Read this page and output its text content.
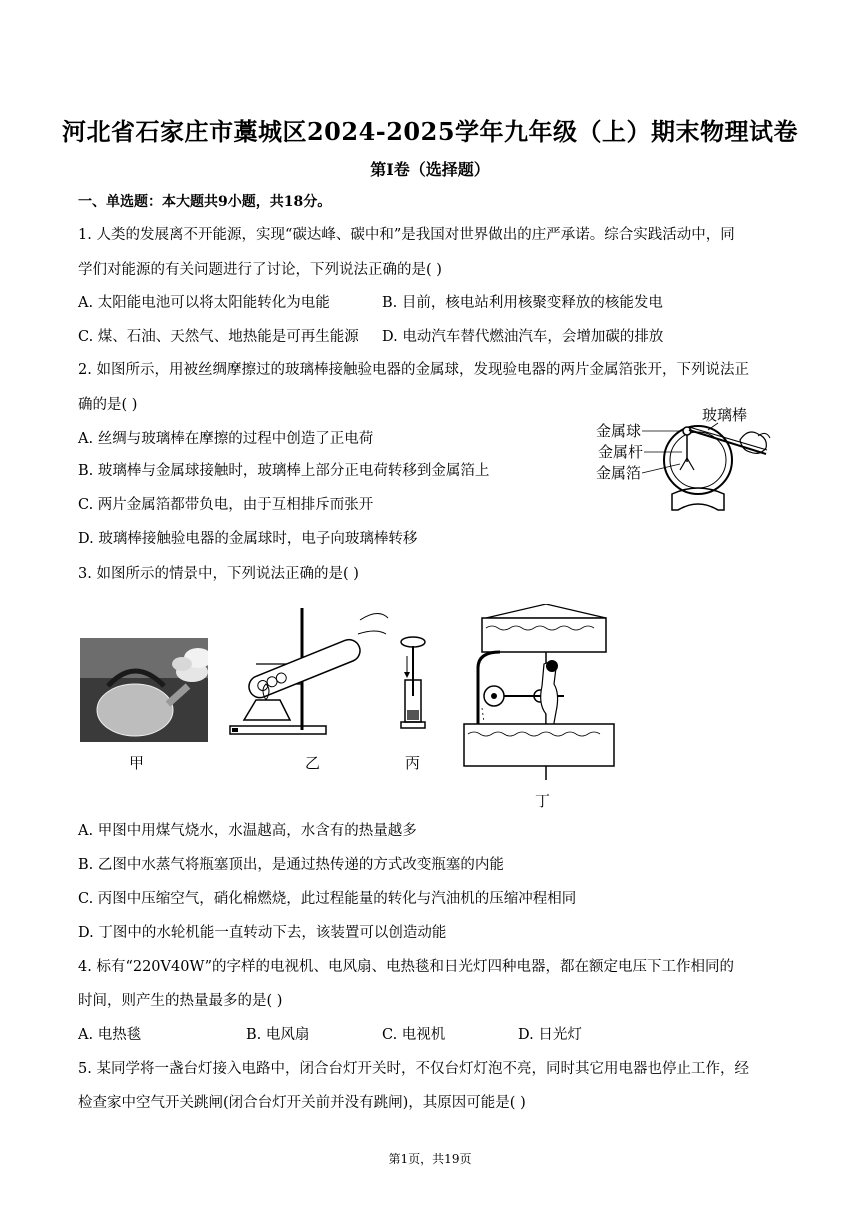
河北省石家庄市藁城区2024-2025学年九年级（上）期末物理试卷
第I卷（选择题）
一、单选题：本大题共9小题，共18分。
1. 人类的发展离不开能源，实现“碳达峰、碳中和”是我国对世界做出的庄严承诺。综合实践活动中，同
学们对能源的有关问题进行了讨论，下列说法正确的是( )
A. 太阳能电池可以将太阳能转化为电能	B. 目前，核电站利用核聚变释放的核能发电
C. 煤、石油、天然气、地热能是可再生能源 D. 电动汽车替代燃油汽车，会增加碳的排放
2. 如图所示，用被丝绸摩擦过的玻璃棒接触验电器的金属球，发现验电器的两片金属箔张开，下列说法正
确的是( )
A. 丝绸与玻璃棒在摩擦的过程中创造了正电荷
B. 玻璃棒与金属球接触时，玻璃棒上部分正电荷转移到金属箔上
C. 两片金属箔都带负电，由于互相排斥而张开
D. 玻璃棒接触验电器的金属球时，电子向玻璃棒转移
金属球
金属杆
金属箔
玻璃棒
3. 如图所示的情景中，下列说法正确的是( )
甲	乙	丙
丁
A. 甲图中用煤气烧水，水温越高，水含有的热量越多
B. 乙图中水蒸气将瓶塞顶出，是通过热传递的方式改变瓶塞的内能
C. 丙图中压缩空气，硝化棉燃烧，此过程能量的转化与汽油机的压缩冲程相同
D. 丁图中的水轮机能一直转动下去，该装置可以创造动能
4. 标有“220V40W”的字样的电视机、电风扇、电热毯和日光灯四种电器，都在额定电压下工作相同的
时间，则产生的热量最多的是( )
A. 电热毯	B. 电风扇	C. 电视机	D. 日光灯
5. 某同学将一盏台灯接入电路中，闭合台灯开关时，不仅台灯灯泡不亮，同时其它用电器也停止工作，经
检查家中空气开关跳闸(闭合台灯开关前并没有跳闸)，其原因可能是( )
第1页，共19页
